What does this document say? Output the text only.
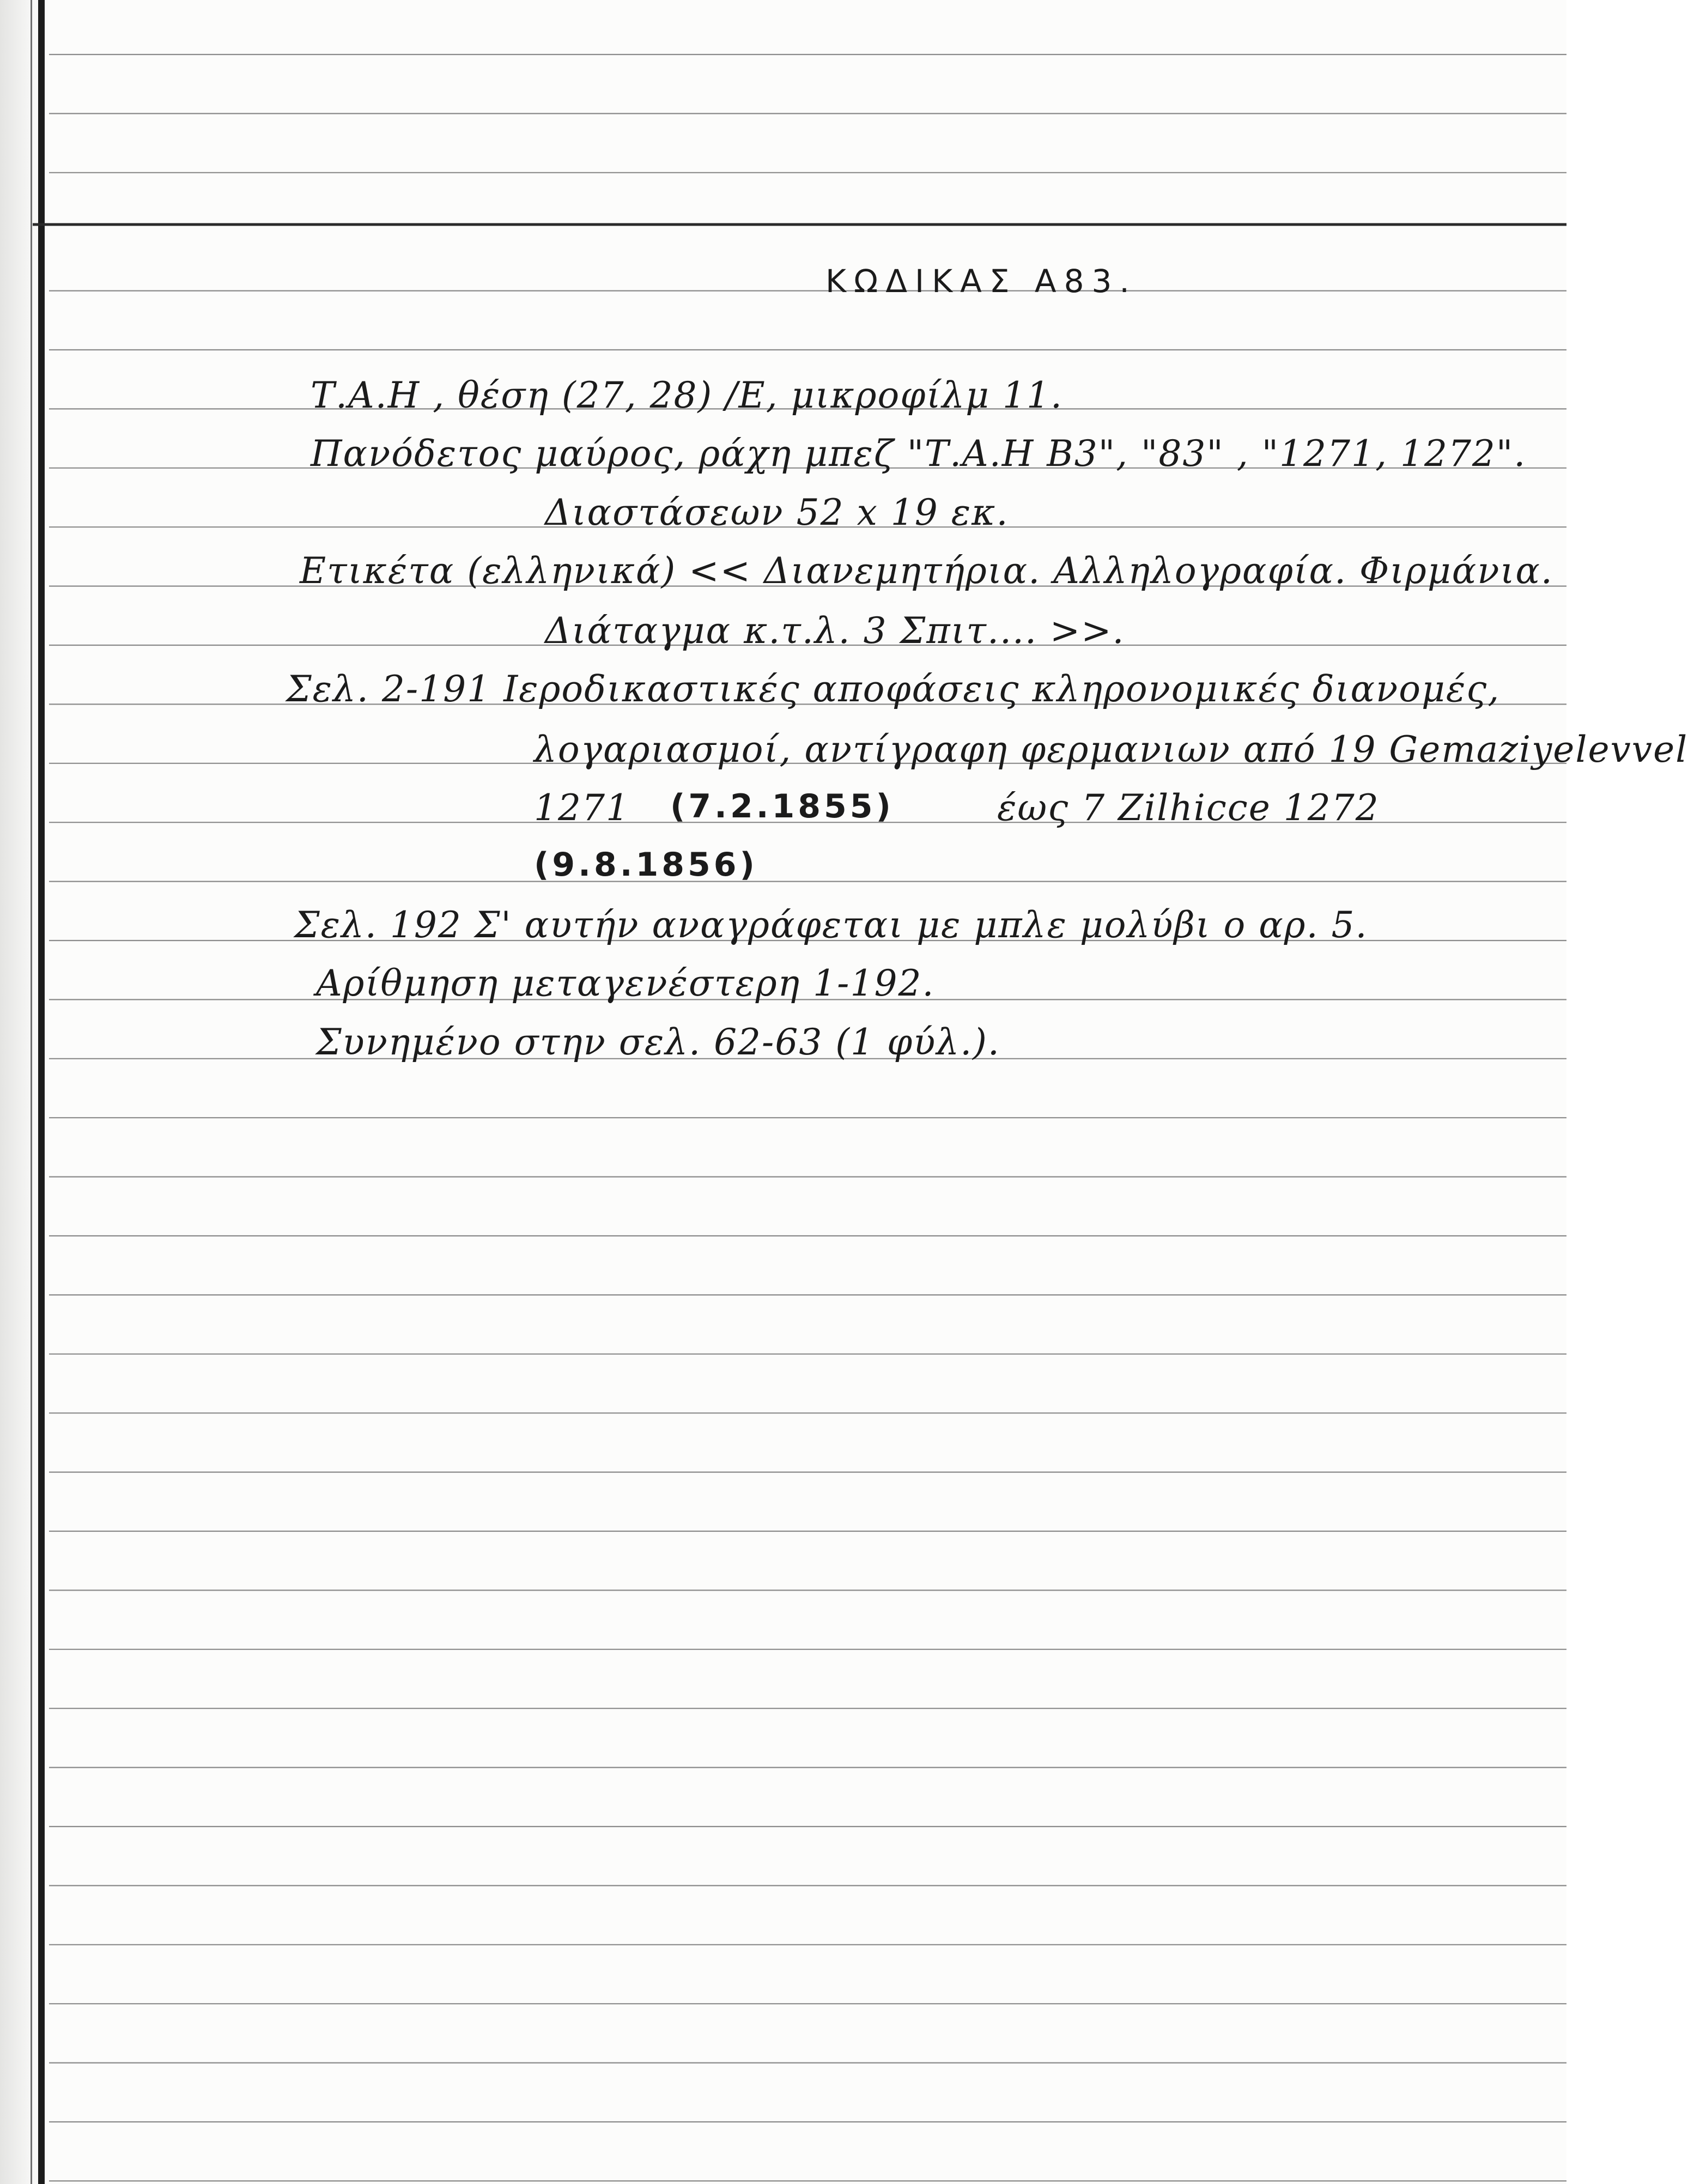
ΚΩΔΙΚΑΣ Α83.
Τ.Α.Η , θέση (27, 28) /Ε, μικροφίλμ 11.
Πανόδετος μαύρος, ράχη μπεζ "Τ.Α.Η Β3", "83" , "1271, 1272".
Διαστάσεων 52 x 19 εκ.
Ετικέτα (ελληνικά) << Διανεμητήρια. Αλληλογραφία. Φιρμάνια.
Διάταγμα κ.τ.λ. 3 Σπιτ.... >>.
Σελ. 2-191 Ιεροδικαστικές αποφάσεις κληρονομικές διανομές,
λογαριασμοί, αντίγραφη φερμανιων από 19 Gemaziyelevvel
1271 (7.2.1855)	έως 7 Zilhicce 1272
(9.8.1856)
Σελ. 192 Σ' αυτήν αναγράφεται με μπλε μολύβι ο αρ. 5.
Αρίθμηση μεταγενέστερη 1-192.
Συνημένο στην σελ. 62-63 (1 φύλ.).
